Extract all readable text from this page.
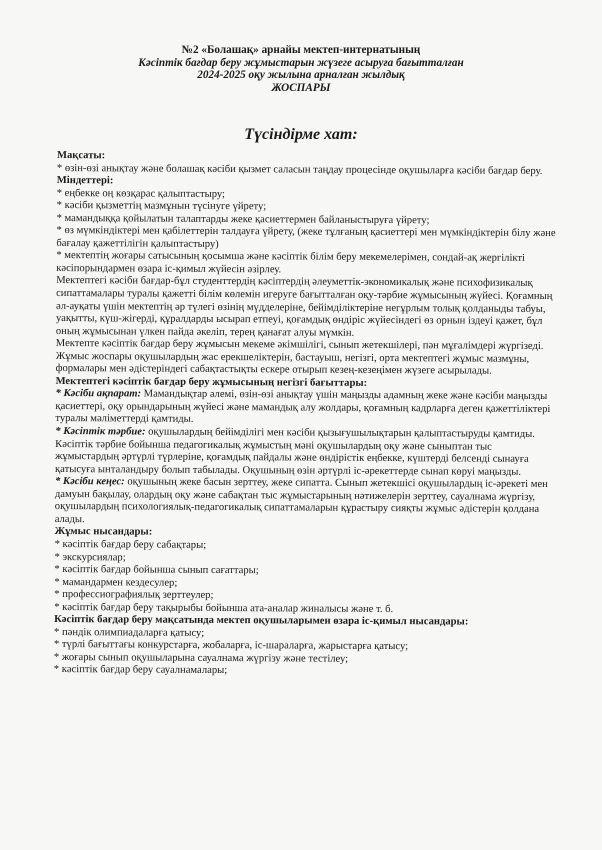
№2 «Болашақ» арнайы мектеп-интернатының
Кәсіптік бағдар беру жұмыстарын жүзеге асыруға бағытталған
2024-2025 оқу жылына арналған жылдық
ЖОСПАРЫ
Түсіндірме хат:

Мақсаты:

* өзін-өзі анықтау және болашақ кәсіби қызмет саласын таңдау процесінде оқушыларға кәсіби бағдар беру.

Міндеттері:

* еңбекке оң көзқарас қалыптастыру;

* кәсіби қызметтің мазмұнын түсінуге үйрету;

* мамандыққа қойылатын талаптарды жеке қасиеттермен байланыстыруға үйрету;

* өз мүмкіндіктері мен қабілеттерін талдауға үйрету, (жеке тұлғаның қасиеттері мен мүмкіндіктерін білу және бағалау қажеттілігін қалыптастыру)

* мектептің жоғары сатысының қосымша және кәсіптік білім беру мекемелерімен, сондай-ақ жергілікті кәсіпорындармен өзара іс-қимыл жүйесін әзірлеу.

Мектептегі кәсіби бағдар-бұл студенттердің кәсіптердің әлеуметтік-экономикалық және психофизикалық сипаттамалары туралы қажетті білім көлемін игеруге бағытталған оқу-тәрбие жұмысының жүйесі. Қоғамның әл-ауқаты үшін мектептің әр түлегі өзінің мүдделеріне, бейімділіктеріне негұрлым толық қолданыды табуы, уақытты, күш-жігерді, құралдарды ысырап етпеуі, қоғамдық өндіріс жүйесіндегі өз орнын іздеуі қажет, бұл оның жұмысынан үлкен пайда әкеліп, терең қанағат алуы мүмкін.

Мектепте кәсіптік бағдар беру жұмысын мекеме әкімшілігі, сынып жетекшілері, пән мұғалімдері жүргізеді.

Жұмыс жоспары оқушылардың жас ерекшеліктерін, бастауыш, негізгі, орта мектептегі жұмыс мазмұны, формалары мен әдістеріндегі сабақтастықты ескере отырып кезең-кезеңімен жүзеге асырылады.

Мектептегі кәсіптік бағдар беру жұмысының негізгі бағыттары:

* Кәсіби ақпарат: Мамандықтар әлемі, өзін-өзі анықтау үшін маңызды адамның жеке және кәсіби маңызды қасиеттері, оқу орындарының жүйесі және мамандық алу жолдары, қоғамның кадрларға деген қажеттіліктері туралы мәліметтерді қамтиды.

* Кәсіптік тәрбие: оқушылардың бейімділігі мен кәсіби қызығушылықтарын қалыптастыруды қамтиды. Кәсіптік тәрбие бойынша педагогикалық жұмыстың мәні оқушылардың оқу және сыныптан тыс жұмыстардың әртүрлі түрлеріне, қоғамдық пайдалы және өндірістік еңбекке, күштерді белсенді сынауға қатысуға ынталандыру болып табылады. Оқушының өзін әртүрлі іс-әрекеттерде сынап көруі маңызды.

* Кәсіби кеңес: оқушының жеке басын зерттеу, жеке сипатта. Сынып жетекшісі оқушылардың іс-әрекеті мен дамуын бақылау, олардың оқу және сабақтан тыс жұмыстарының нәтижелерін зерттеу, сауалнама жүргізу, оқушылардың психологиялық-педагогикалық сипаттамаларын құрастыру сияқты жұмыс әдістерін қолдана алады.

Жұмыс нысандары:

* кәсіптік бағдар беру сабақтары;

* экскурсиялар;

* кәсіптік бағдар бойынша сынып сағаттары;

* мамандармен кездесулер;

* профессиографиялық зерттеулер;

* кәсіптік бағдар беру тақырыбы бойынша ата-аналар жиналысы және т. б.

Кәсіптік бағдар беру мақсатында мектеп оқушыларымен өзара іс-қимыл нысандары:

* пәндік олимпиадаларға қатысу;

* түрлі бағыттағы конкурстарға, жобаларға, іс-шараларға, жарыстарға қатысу;

* жоғары сынып оқушыларына сауалнама жүргізу және тестілеу;

* кәсіптік бағдар беру сауалнамалары;
